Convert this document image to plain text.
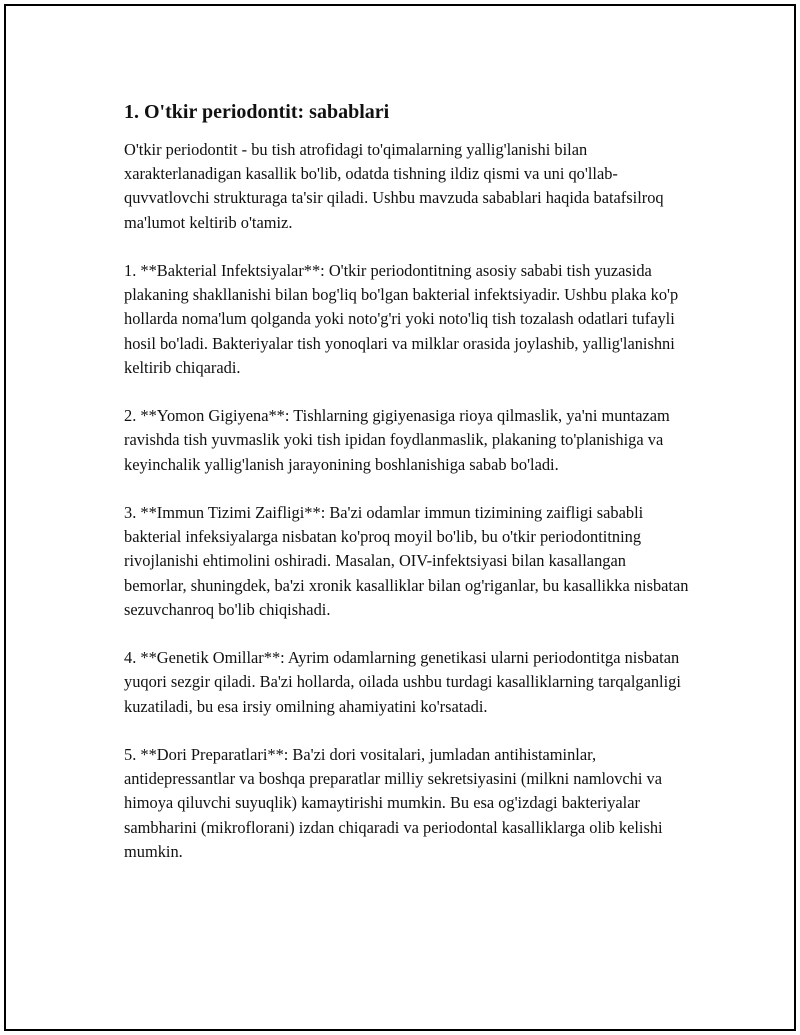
1. O'tkir periodontit: sabablari

O'tkir periodontit - bu tish atrofidagi to'qimalarning yallig'lanishi bilan xarakterlanadigan kasallik bo'lib, odatda tishning ildiz qismi va uni qo'llab-quvvatlovchi strukturaga ta'sir qiladi. Ushbu mavzuda sabablari haqida batafsilroq ma'lumot keltirib o'tamiz.

1. **Bakterial Infektsiyalar**: O'tkir periodontitning asosiy sababi tish yuzasida plakaning shakllanishi bilan bog'liq bo'lgan bakterial infektsiyadir. Ushbu plaka ko'p hollarda noma'lum qolganda yoki noto'g'ri yoki noto'liq tish tozalash odatlari tufayli hosil bo'ladi. Bakteriyalar tish yonoqlari va milklar orasida joylashib, yallig'lanishni keltirib chiqaradi.

2. **Yomon Gigiyena**: Tishlarning gigiyenasiga rioya qilmaslik, ya'ni muntazam ravishda tish yuvmaslik yoki tish ipidan foydlanmaslik, plakaning to'planishiga va keyinchalik yallig'lanish jarayonining boshlanishiga sabab bo'ladi.

3. **Immun Tizimi Zaifligi**: Ba'zi odamlar immun tizimining zaifligi sababli bakterial infeksiyalarga nisbatan ko'proq moyil bo'lib, bu o'tkir periodontitning rivojlanishi ehtimolini oshiradi. Masalan, OIV-infektsiyasi bilan kasallangan bemorlar, shuningdek, ba'zi xronik kasalliklar bilan og'riganlar, bu kasallikka nisbatan sezuvchanroq bo'lib chiqishadi.

4. **Genetik Omillar**: Ayrim odamlarning genetikasi ularni periodontitga nisbatan yuqori sezgir qiladi. Ba'zi hollarda, oilada ushbu turdagi kasalliklarning tarqalganligi kuzatiladi, bu esa irsiy omilning ahamiyatini ko'rsatadi.

5. **Dori Preparatlari**: Ba'zi dori vositalari, jumladan antihistaminlar, antidepressantlar va boshqa preparatlar milliy sekretsiyasini (milkni namlovchi va himoya qiluvchi suyuqlik) kamaytirishi mumkin. Bu esa og'izdagi bakteriyalar sambharini (mikroflorani) izdan chiqaradi va periodontal kasalliklarga olib kelishi mumkin.
